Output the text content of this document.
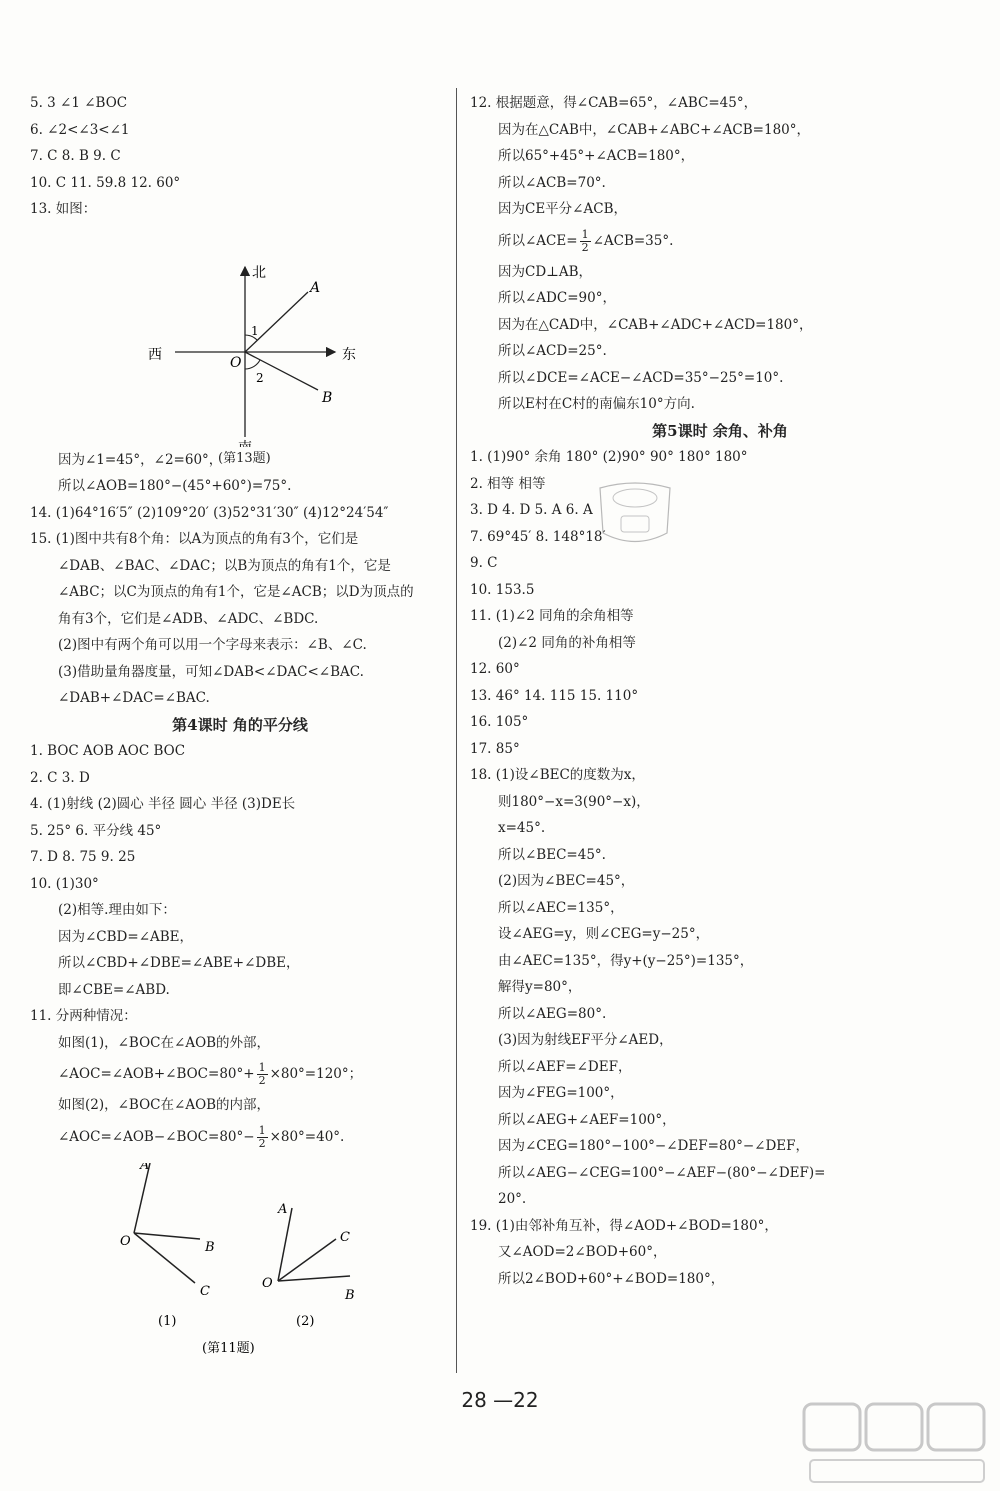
5. 3 ∠1 ∠BOC
6. ∠2<∠3<∠1
7. C 8. B 9. C
10. C 11. 59.8 12. 60°
13. 如图：
北
西	东
O
A
B
1
2
(第13题)
因为∠1=45°，∠2=60°，
所以∠AOB=180°−(45°+60°)=75°.
14. (1)64°16′5″ (2)109°20′ (3)52°31′30″ (4)12°24′54″
15. (1)图中共有8个角：以A为顶点的角有3个，它们是
∠DAB、∠BAC、∠DAC；以B为顶点的角有1个，它是
∠ABC；以C为顶点的角有1个，它是∠ACB；以D为顶点的
角有3个，它们是∠ADB、∠ADC、∠BDC.
(2)图中有两个角可以用一个字母来表示：∠B、∠C.
(3)借助量角器度量，可知∠DAB<∠DAC<∠BAC.
∠DAB+∠DAC=∠BAC.
第4课时 角的平分线
1. BOC AOB AOC BOC
2. C 3. D
4. (1)射线 (2)圆心 半径 圆心 半径 (3)DE长
5. 25° 6. 平分线 45°
7. D 8. 75 9. 25
10. (1)30°
(2)相等.理由如下：
因为∠CBD=∠ABE，
所以∠CBD+∠DBE=∠ABE+∠DBE，
即∠CBE=∠ABD.
11. 分两种情况：
如图(1)，∠BOC在∠AOB的外部，
∠AOC=∠AOB+∠BOC=80°+ $\frac{1}{2} \times 80^\circ=120^\circ$；
如图(2)，∠BOC在∠AOB的内部，
∠AOC=∠AOB−∠BOC=80°− $\frac{1}{2} \times 80^\circ=40^\circ$.
A
O	B
C
A
O
B
C
(1)	(2)
(第11题)
12. 根据题意，得∠CAB=65°，∠ABC=45°，
因为在△CAB中，∠CAB+∠ABC+∠ACB=180°，
所以65°+45°+∠ACB=180°，
所以∠ACB=70°.
因为CE平分∠ACB，
所以∠ACE= $\frac{1}{2}$ ∠ACB=35°.
因为CD⊥AB，
所以∠ADC=90°，
因为在△CAD中，∠CAB+∠ADC+∠ACD=180°，
所以∠ACD=25°.
所以∠DCE=∠ACE−∠ACD=35°−25°=10°.
所以E村在C村的南偏东10°方向.
第5课时 余角、补角
1. (1)90° 余角 180° (2)90° 90° 180° 180°
2. 相等 相等
3. D 4. D 5. A 6. A
7. 69°45′ 8. 148°18′
9. C
10. 153.5
11. (1)∠2 同角的余角相等
(2)∠2 同角的补角相等
12. 60°
13. 46° 14. 115 15. 110°
16. 105°
17. 85°
18. (1)设∠BEC的度数为x，
则180°−x=3(90°−x)，
x=45°.
所以∠BEC=45°.
(2)因为∠BEC=45°，
所以∠AEC=135°，
设∠AEG=y，则∠CEG=y−25°，
由∠AEC=135°，得y+(y−25°)=135°，
解得y=80°，
所以∠AEG=80°.
(3)因为射线EF平分∠AED，
所以∠AEF=∠DEF，
因为∠FEG=100°，
所以∠AEG+∠AEF=100°，
因为∠CEG=180°−100°−∠DEF=80°−∠DEF，
所以∠AEG−∠CEG=100°−∠AEF−(80°−∠DEF)=
20°.
19. (1)由邻补角互补，得∠AOD+∠BOD=180°，
又∠AOD=2∠BOD+60°，
所以2∠BOD+60°+∠BOD=180°，
28 —22
